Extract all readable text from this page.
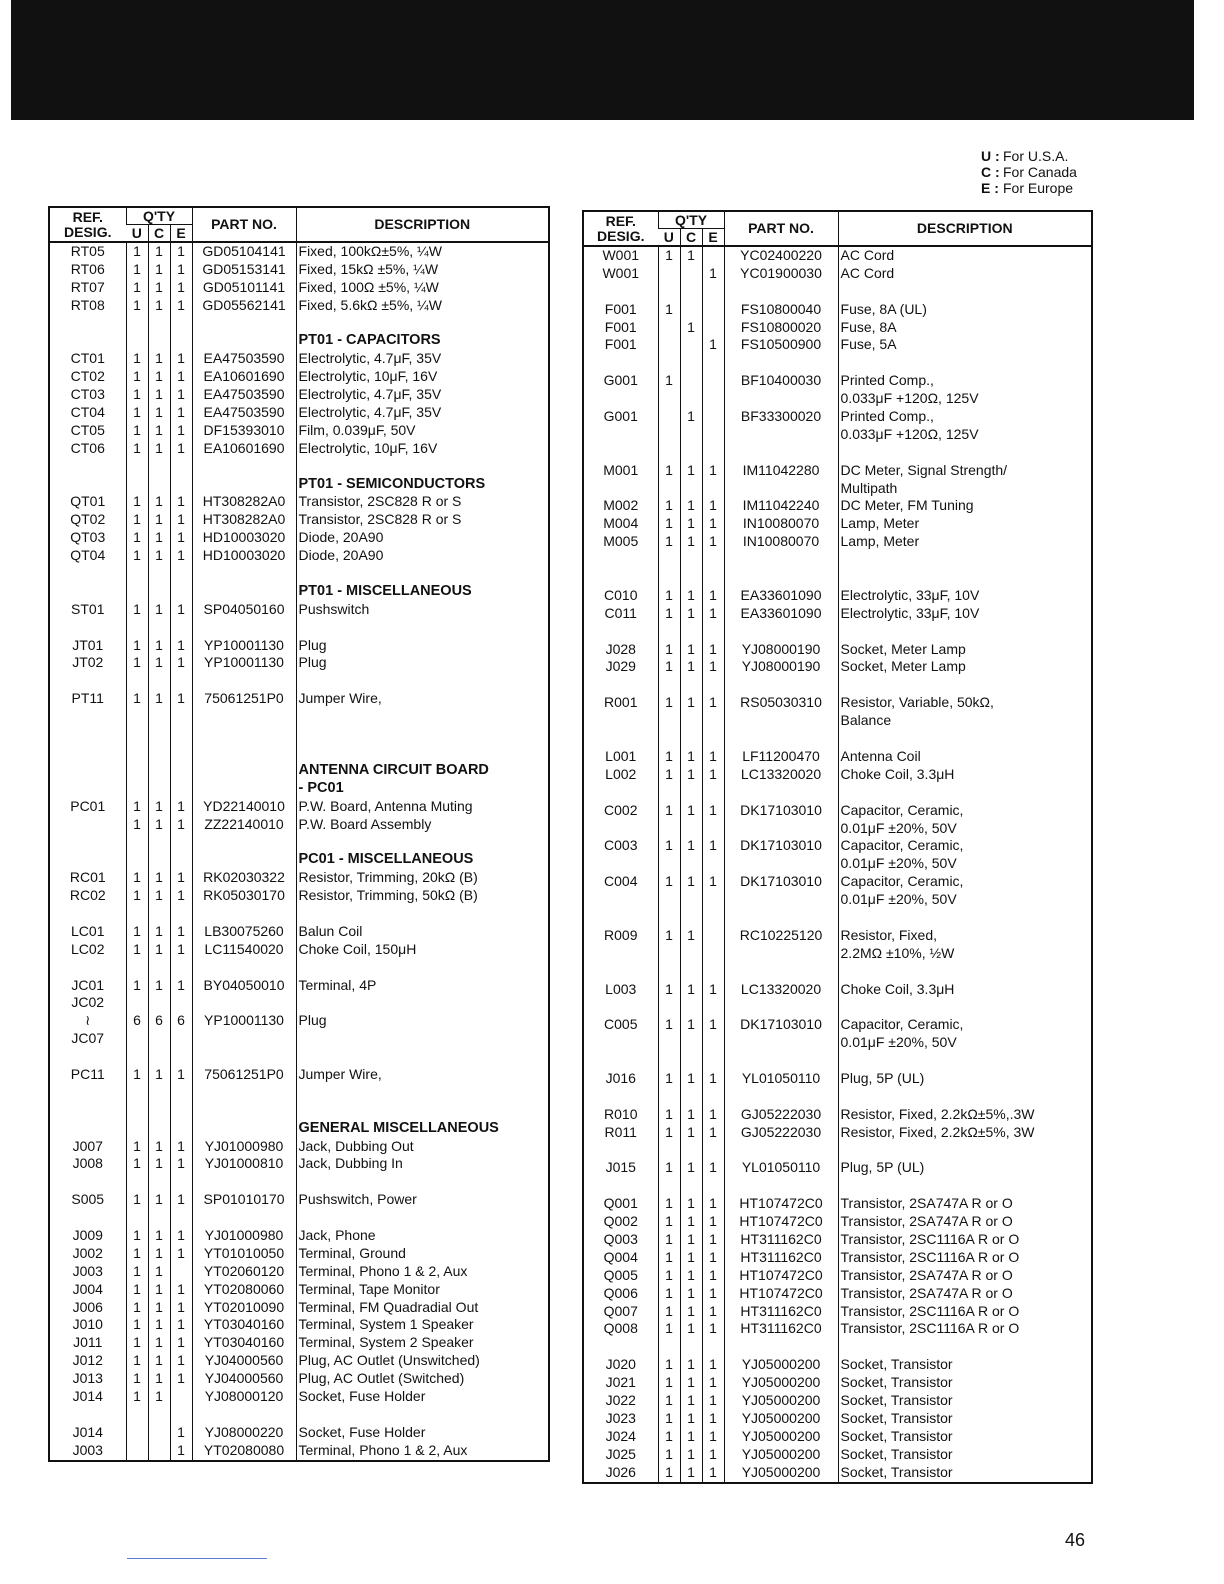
U : For U.S.A.
C : For Canada
E : For Europe
REF.
DESIG.	Q'TY			PART NO.	DESCRIPTION
	U	C	E		
RT05	1	1	1	GD05104141	Fixed, 100kΩ±5%, ¼W
RT06	1	1	1	GD05153141	Fixed, 15kΩ ±5%, ¼W
RT07	1	1	1	GD05101141	Fixed, 100Ω ±5%, ¼W
RT08	1	1	1	GD05562141	Fixed, 5.6kΩ ±5%, ¼W

					PT01 - CAPACITORS
CT01	1	1	1	EA47503590	Electrolytic, 4.7μF, 35V
CT02	1	1	1	EA10601690	Electrolytic, 10μF, 16V
CT03	1	1	1	EA47503590	Electrolytic, 4.7μF, 35V
CT04	1	1	1	EA47503590	Electrolytic, 4.7μF, 35V
CT05	1	1	1	DF15393010	Film, 0.039μF, 50V
CT06	1	1	1	EA10601690	Electrolytic, 10μF, 16V

					PT01 - SEMICONDUCTORS
QT01	1	1	1	HT308282A0	Transistor, 2SC828 R or S
QT02	1	1	1	HT308282A0	Transistor, 2SC828 R or S
QT03	1	1	1	HD10003020	Diode, 20A90
QT04	1	1	1	HD10003020	Diode, 20A90

					PT01 - MISCELLANEOUS
ST01	1	1	1	SP04050160	Pushswitch

JT01	1	1	1	YP10001130	Plug
JT02	1	1	1	YP10001130	Plug

PT11	1	1	1	75061251P0	Jumper Wire,

					ANTENNA CIRCUIT BOARD
					- PC01
PC01	1	1	1	YD22140010	P.W. Board, Antenna Muting
	1	1	1	ZZ22140010	P.W. Board Assembly

					PC01 - MISCELLANEOUS
RC01	1	1	1	RK02030322	Resistor, Trimming, 20kΩ (B)
RC02	1	1	1	RK05030170	Resistor, Trimming, 50kΩ (B)

LC01	1	1	1	LB30075260	Balun Coil
LC02	1	1	1	LC11540020	Choke Coil, 150μH

JC01	1	1	1	BY04050010	Terminal, 4P
JC02					
≀	6	6	6	YP10001130	Plug
JC07					

PC11	1	1	1	75061251P0	Jumper Wire,

					GENERAL MISCELLANEOUS
J007	1	1	1	YJ01000980	Jack, Dubbing Out
J008	1	1	1	YJ01000810	Jack, Dubbing In

S005	1	1	1	SP01010170	Pushswitch, Power

J009	1	1	1	YJ01000980	Jack, Phone
J002	1	1	1	YT01010050	Terminal, Ground
J003	1	1		YT02060120	Terminal, Phono 1 & 2, Aux
J004	1	1	1	YT02080060	Terminal, Tape Monitor
J006	1	1	1	YT02010090	Terminal, FM Quadradial Out
J010	1	1	1	YT03040160	Terminal, System 1 Speaker
J011	1	1	1	YT03040160	Terminal, System 2 Speaker
J012	1	1	1	YJ04000560	Plug, AC Outlet (Unswitched)
J013	1	1	1	YJ04000560	Plug, AC Outlet (Switched)
J014	1	1		YJ08000120	Socket, Fuse Holder

J014			1	YJ08000220	Socket, Fuse Holder
J003			1	YT02080080	Terminal, Phono 1 & 2, Aux
REF.
DESIG.	Q'TY			PART NO.	DESCRIPTION
	U	C	E		
W001	1	1		YC02400220	AC Cord
W001			1	YC01900030	AC Cord

F001	1			FS10800040	Fuse, 8A (UL)
F001		1		FS10800020	Fuse, 8A
F001			1	FS10500900	Fuse, 5A

G001	1			BF10400030	Printed Comp.,
					0.033μF +120Ω, 125V
G001		1		BF33300020	Printed Comp.,
					0.033μF +120Ω, 125V

M001	1	1	1	IM11042280	DC Meter, Signal Strength/
					Multipath
M002	1	1	1	IM11042240	DC Meter, FM Tuning
M004	1	1	1	IN10080070	Lamp, Meter
M005	1	1	1	IN10080070	Lamp, Meter

C010	1	1	1	EA33601090	Electrolytic, 33μF, 10V
C011	1	1	1	EA33601090	Electrolytic, 33μF, 10V

J028	1	1	1	YJ08000190	Socket, Meter Lamp
J029	1	1	1	YJ08000190	Socket, Meter Lamp

R001	1	1	1	RS05030310	Resistor, Variable, 50kΩ,
					Balance

L001	1	1	1	LF11200470	Antenna Coil
L002	1	1	1	LC13320020	Choke Coil, 3.3μH

C002	1	1	1	DK17103010	Capacitor, Ceramic,
					0.01μF ±20%, 50V
C003	1	1	1	DK17103010	Capacitor, Ceramic,
					0.01μF ±20%, 50V
C004	1	1	1	DK17103010	Capacitor, Ceramic,
					0.01μF ±20%, 50V

R009	1	1		RC10225120	Resistor, Fixed,
					2.2MΩ ±10%, ½W

L003	1	1	1	LC13320020	Choke Coil, 3.3μH

C005	1	1	1	DK17103010	Capacitor, Ceramic,
					0.01μF ±20%, 50V

J016	1	1	1	YL01050110	Plug, 5P (UL)

R010	1	1	1	GJ05222030	Resistor, Fixed, 2.2kΩ±5%,.3W
R011	1	1	1	GJ05222030	Resistor, Fixed, 2.2kΩ±5%, 3W

J015	1	1	1	YL01050110	Plug, 5P (UL)

Q001	1	1	1	HT107472C0	Transistor, 2SA747A R or O
Q002	1	1	1	HT107472C0	Transistor, 2SA747A R or O
Q003	1	1	1	HT311162C0	Transistor, 2SC1116A R or O
Q004	1	1	1	HT311162C0	Transistor, 2SC1116A R or O
Q005	1	1	1	HT107472C0	Transistor, 2SA747A R or O
Q006	1	1	1	HT107472C0	Transistor, 2SA747A R or O
Q007	1	1	1	HT311162C0	Transistor, 2SC1116A R or O
Q008	1	1	1	HT311162C0	Transistor, 2SC1116A R or O

J020	1	1	1	YJ05000200	Socket, Transistor
J021	1	1	1	YJ05000200	Socket, Transistor
J022	1	1	1	YJ05000200	Socket, Transistor
J023	1	1	1	YJ05000200	Socket, Transistor
J024	1	1	1	YJ05000200	Socket, Transistor
J025	1	1	1	YJ05000200	Socket, Transistor
J026	1	1	1	YJ05000200	Socket, Transistor
46
